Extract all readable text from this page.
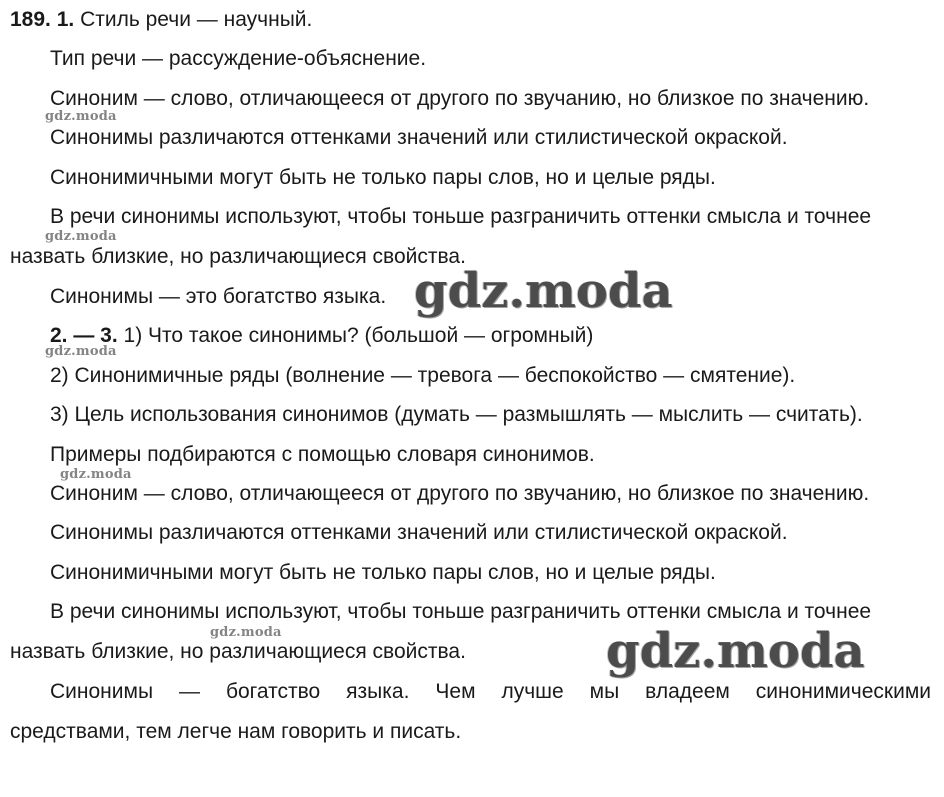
189. 1. Стиль речи — научный.
Тип речи — рассуждение-объяснение.
Синоним — слово, отличающееся от другого по звучанию, но близкое по значению.
Синонимы различаются оттенками значений или стилистической окраской.
Синонимичными могут быть не только пары слов, но и целые ряды.
В речи синонимы используют, чтобы тоньше разграничить оттенки смысла и точнее
назвать близкие, но различающиеся свойства.
Синонимы — это богатство языка.
2. — 3. 1) Что такое синонимы? (большой — огромный)
2) Синонимичные ряды (волнение — тревога — беспокойство — смятение).
3) Цель использования синонимов (думать — размышлять — мыслить — считать).
Примеры подбираются с помощью словаря синонимов.
Синоним — слово, отличающееся от другого по звучанию, но близкое по значению.
Синонимы различаются оттенками значений или стилистической окраской.
Синонимичными могут быть не только пары слов, но и целые ряды.
В речи синонимы используют, чтобы тоньше разграничить оттенки смысла и точнее
назвать близкие, но различающиеся свойства.
Синонимы — богатство языка. Чем лучше мы владеем синонимическими
средствами, тем легче нам говорить и писать.
gdz.moda
gdz.moda
gdz.moda
gdz.moda
gdz.moda
gdz.moda
gdz.moda
